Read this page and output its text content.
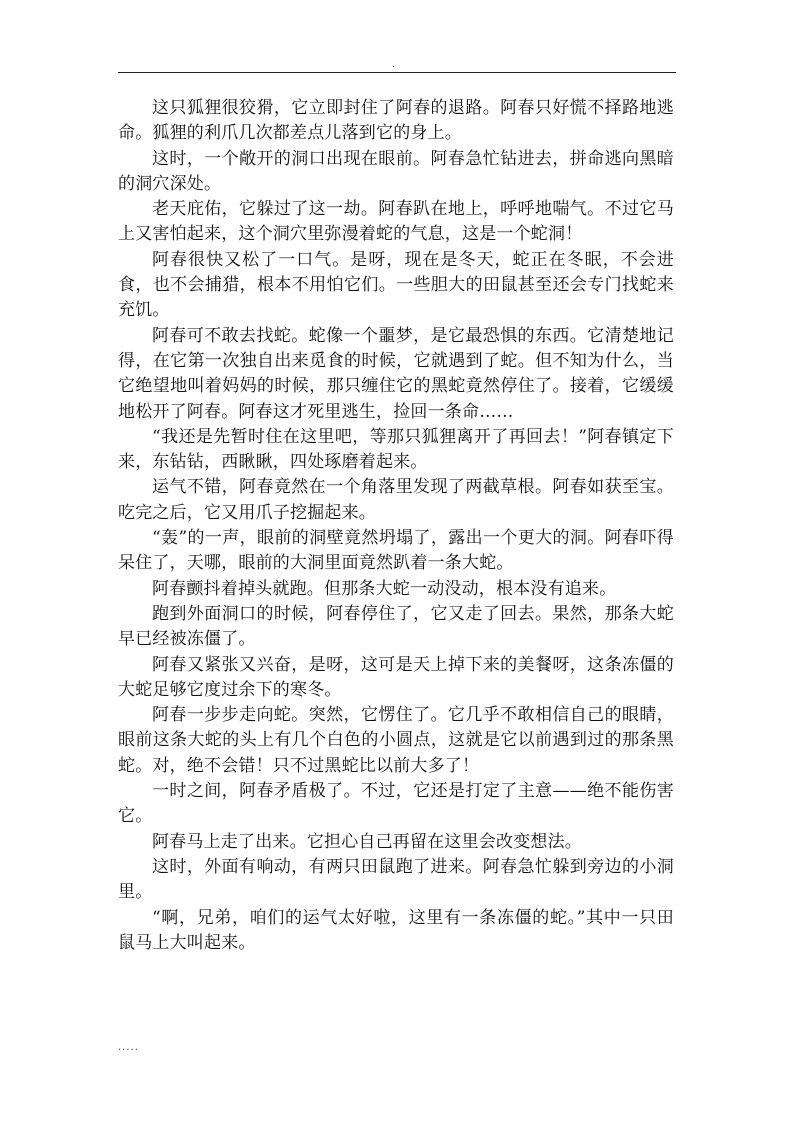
.

这只狐狸很狡猾，它立即封住了阿春的退路。阿春只好慌不择路地逃命。狐狸的利爪几次都差点儿落到它的身上。

这时，一个敞开的洞口出现在眼前。阿春急忙钻进去，拼命逃向黑暗的洞穴深处。

老天庇佑，它躲过了这一劫。阿春趴在地上，呼呼地喘气。不过它马上又害怕起来，这个洞穴里弥漫着蛇的气息，这是一个蛇洞！

阿春很快又松了一口气。是呀，现在是冬天，蛇正在冬眠，不会进食，也不会捕猎，根本不用怕它们。一些胆大的田鼠甚至还会专门找蛇来充饥。

阿春可不敢去找蛇。蛇像一个噩梦，是它最恐惧的东西。它清楚地记得，在它第一次独自出来觅食的时候，它就遇到了蛇。但不知为什么，当它绝望地叫着妈妈的时候，那只缠住它的黑蛇竟然停住了。接着，它缓缓地松开了阿春。阿春这才死里逃生，捡回一条命……

“我还是先暂时住在这里吧，等那只狐狸离开了再回去！”阿春镇定下来，东钻钻，西瞅瞅，四处琢磨着起来。

运气不错，阿春竟然在一个角落里发现了两截草根。阿春如获至宝。吃完之后，它又用爪子挖掘起来。

“轰”的一声，眼前的洞壁竟然坍塌了，露出一个更大的洞。阿春吓得呆住了，天哪，眼前的大洞里面竟然趴着一条大蛇。

阿春颤抖着掉头就跑。但那条大蛇一动没动，根本没有追来。

跑到外面洞口的时候，阿春停住了，它又走了回去。果然，那条大蛇早已经被冻僵了。

阿春又紧张又兴奋，是呀，这可是天上掉下来的美餐呀，这条冻僵的大蛇足够它度过余下的寒冬。

阿春一步步走向蛇。突然，它愣住了。它几乎不敢相信自己的眼睛，眼前这条大蛇的头上有几个白色的小圆点，这就是它以前遇到过的那条黑蛇。对，绝不会错！只不过黑蛇比以前大多了！

一时之间，阿春矛盾极了。不过，它还是打定了主意——绝不能伤害它。

阿春马上走了出来。它担心自己再留在这里会改变想法。

这时，外面有响动，有两只田鼠跑了进来。阿春急忙躲到旁边的小洞里。

“啊，兄弟，咱们的运气太好啦，这里有一条冻僵的蛇。”其中一只田鼠马上大叫起来。

.....
